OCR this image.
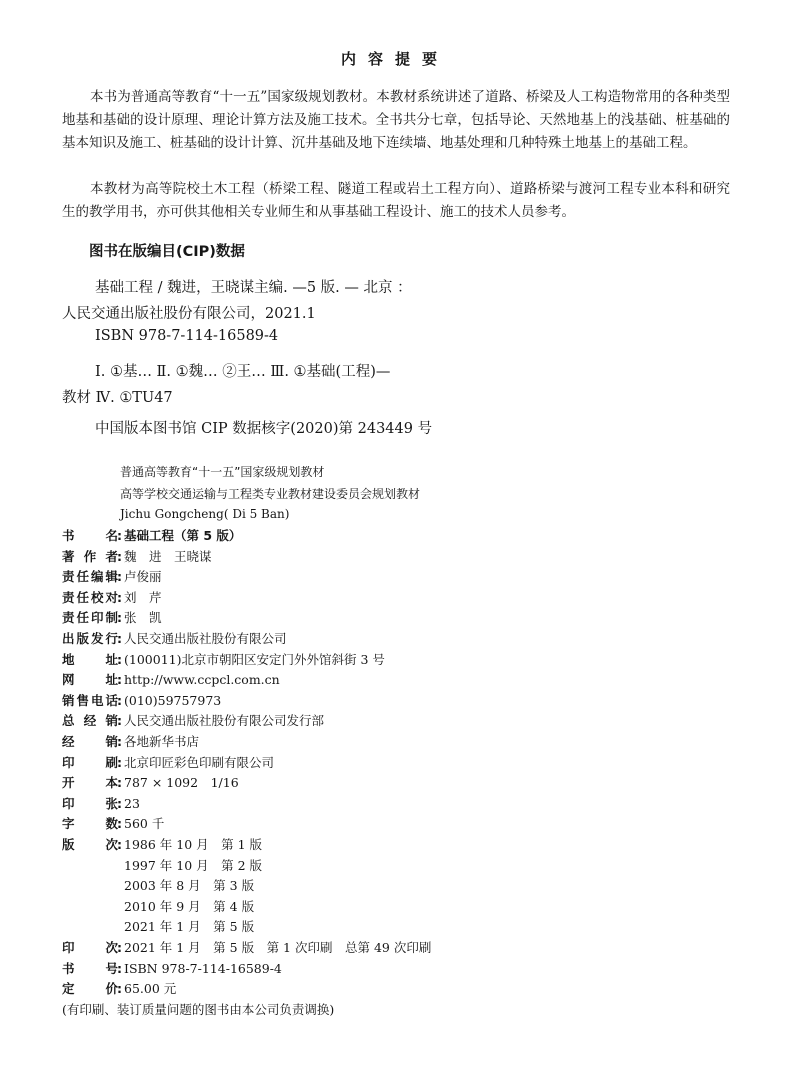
内容提要
本书为普通高等教育“十一五”国家级规划教材。本教材系统讲述了道路、桥梁及人工构造物常用的各种类型地基和基础的设计原理、理论计算方法及施工技术。全书共分七章，包括导论、天然地基上的浅基础、桩基础的基本知识及施工、桩基础的设计计算、沉井基础及地下连续墙、地基处理和几种特殊土地基上的基础工程。
本教材为高等院校土木工程（桥梁工程、隧道工程或岩土工程方向）、道路桥梁与渡河工程专业本科和研究生的教学用书，亦可供其他相关专业师生和从事基础工程设计、施工的技术人员参考。
图书在版编目(CIP)数据
基础工程 / 魏进，王晓谋主编. —5 版. — 北京 ：
人民交通出版社股份有限公司，2021.1
ISBN 978-7-114-16589-4
Ⅰ. ①基… Ⅱ. ①魏… ②王… Ⅲ. ①基础(工程)—
教材 Ⅳ. ①TU47
中国版本图书馆 CIP 数据核字(2020)第 243449 号
普通高等教育“十一五”国家级规划教材
高等学校交通运输与工程类专业教材建设委员会规划教材
Jichu Gongcheng( Di 5 Ban)
书 名 : 基础工程（第 5 版）
著 作 者 : 魏　进　王晓谋
责 任 编 辑 : 卢俊丽
责 任 校 对 : 刘　芹
责 任 印 制 : 张　凯
出 版 发 行 : 人民交通出版社股份有限公司
地 址 : (100011)北京市朝阳区安定门外外馆斜街 3 号
网 址 : http://www.ccpcl.com.cn
销 售 电 话 : (010)59757973
总 经 销 : 人民交通出版社股份有限公司发行部
经 销 : 各地新华书店
印 刷 : 北京印匠彩色印刷有限公司
开 本 : 787 × 1092　1/16
印 张 : 23
字 数 : 560 千
版 次 : 1986 年 10 月　第 1 版
1997 年 10 月　第 2 版
2003 年 8 月　第 3 版
2010 年 9 月　第 4 版
2021 年 1 月　第 5 版
印 次 : 2021 年 1 月　第 5 版　第 1 次印刷　总第 49 次印刷
书 号 : ISBN 978-7-114-16589-4
定 价 : 65.00 元
(有印刷、装订质量问题的图书由本公司负责调换)
